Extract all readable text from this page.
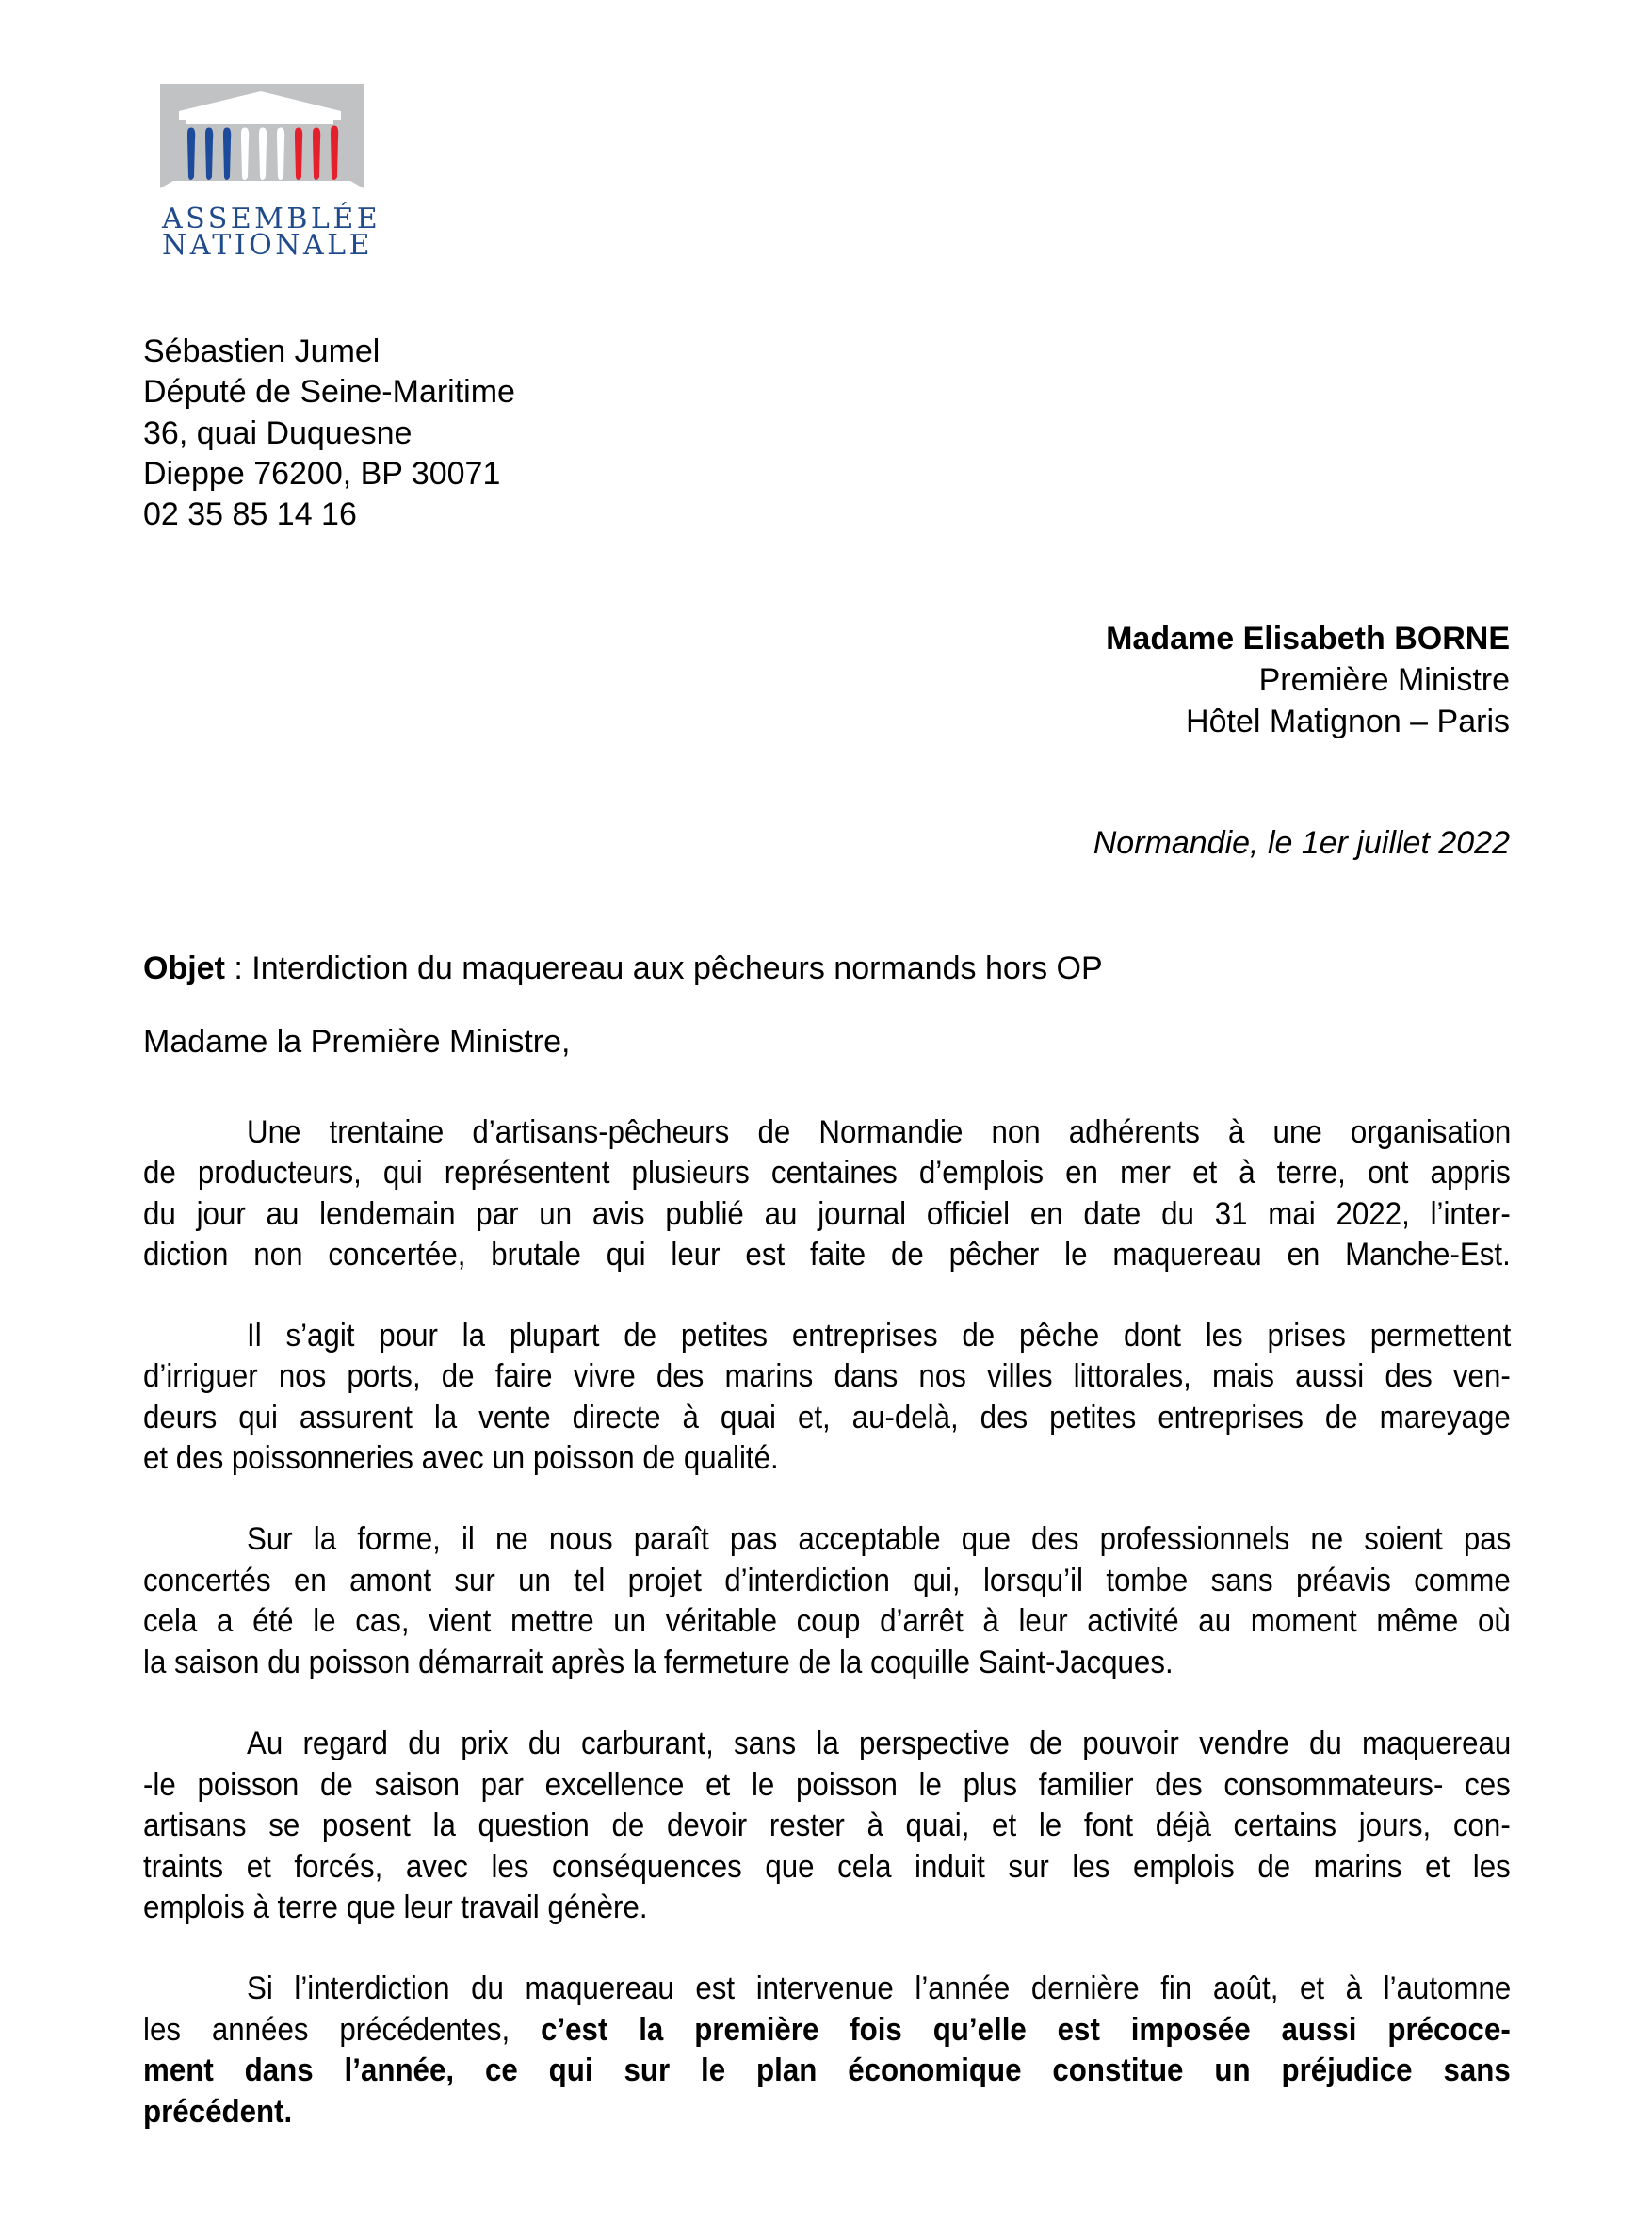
ASSEMBLÉE
NATIONALE
Sébastien Jumel
Député de Seine-Maritime
36, quai Duquesne
Dieppe 76200, BP 30071
02 35 85 14 16
Madame Elisabeth BORNE
Première Ministre
Hôtel Matignon – Paris
Normandie, le 1er juillet 2022
Objet : Interdiction du maquereau aux pêcheurs normands hors OP
Madame la Première Ministre,
Une trentaine d’artisans-pêcheurs de Normandie non adhérents à une organisation
de producteurs, qui représentent plusieurs centaines d’emplois en mer et à terre, ont appris
du jour au lendemain par un avis publié au journal officiel en date du 31 mai 2022, l’inter-
diction non concertée, brutale qui leur est faite de pêcher le maquereau en Manche-Est.
Il s’agit pour la plupart de petites entreprises de pêche dont les prises permettent
d’irriguer nos ports, de faire vivre des marins dans nos villes littorales, mais aussi des ven-
deurs qui assurent la vente directe à quai et, au-delà, des petites entreprises de mareyage
et des poissonneries avec un poisson de qualité.
Sur la forme, il ne nous paraît pas acceptable que des professionnels ne soient pas
concertés en amont sur un tel projet d’interdiction qui, lorsqu’il tombe sans préavis comme
cela a été le cas, vient mettre un véritable coup d’arrêt à leur activité au moment même où
la saison du poisson démarrait après la fermeture de la coquille Saint-Jacques.
Au regard du prix du carburant, sans la perspective de pouvoir vendre du maquereau
-le poisson de saison par excellence et le poisson le plus familier des consommateurs- ces
artisans se posent la question de devoir rester à quai, et le font déjà certains jours, con-
traints et forcés, avec les conséquences que cela induit sur les emplois de marins et les
emplois à terre que leur travail génère.
Si l’interdiction du maquereau est intervenue l’année dernière fin août, et à l’automne
les années précédentes, c’est la première fois qu’elle est imposée aussi précoce-
ment dans l’année, ce qui sur le plan économique constitue un préjudice sans
précédent.
